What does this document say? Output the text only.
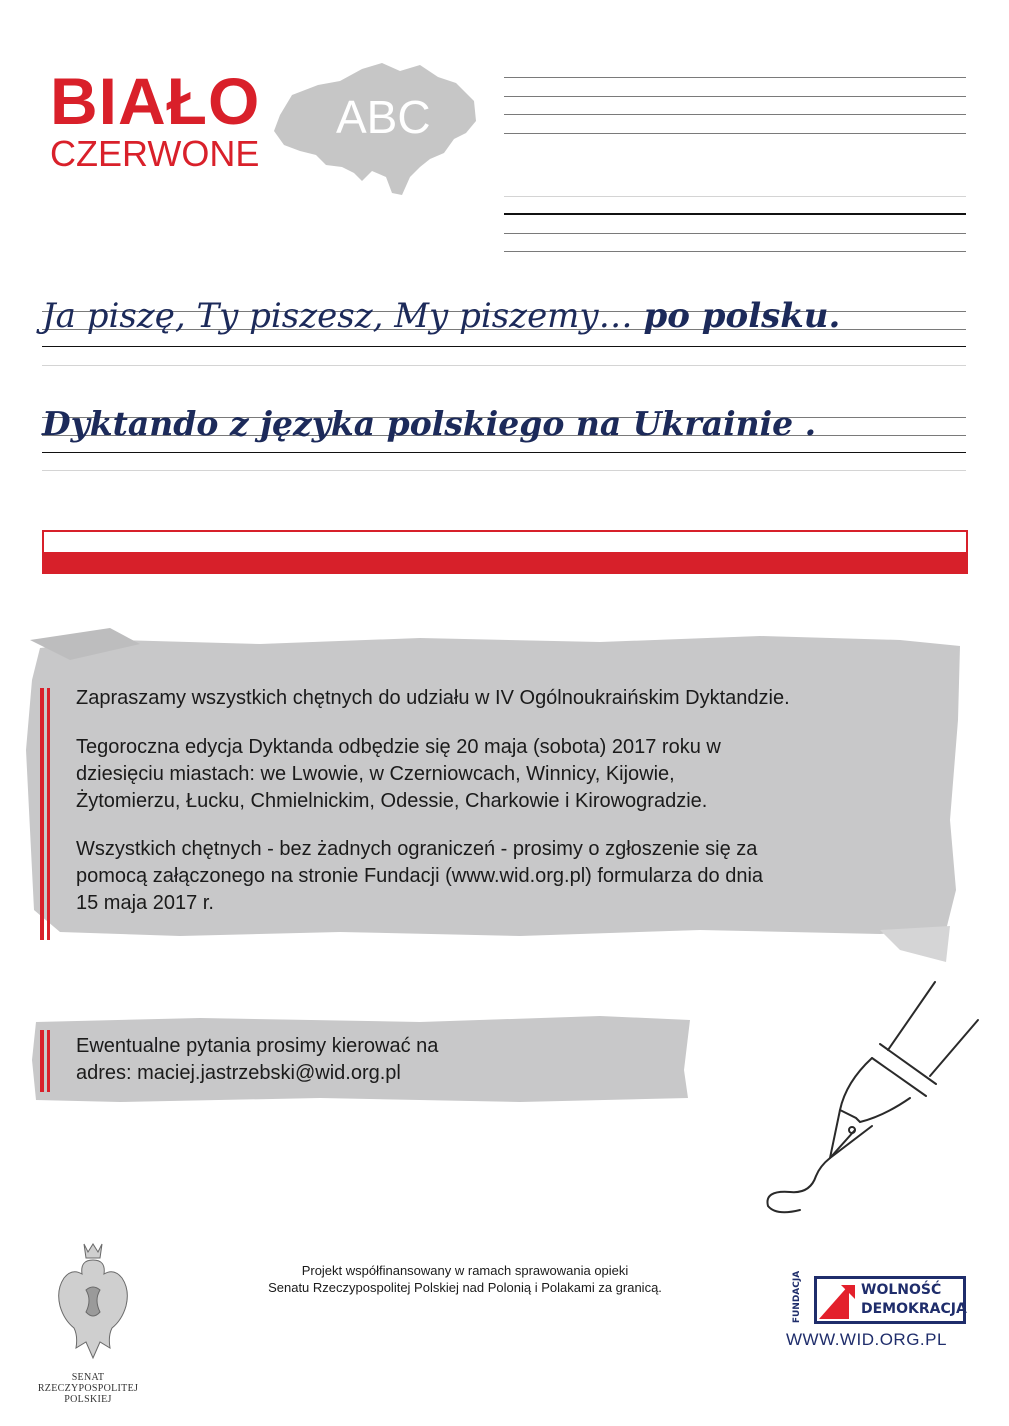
BIAŁO
CZERWONE
ABC
Ja piszę, Ty piszesz, My piszemy… po polsku.
Dyktando z języka polskiego na Ukrainie .
Zapraszamy wszystkich chętnych do udziału w IV Ogólnoukraińskim Dyktandzie.
Tegoroczna edycja Dyktanda odbędzie się 20 maja (sobota) 2017 roku w
dziesięciu miastach: we Lwowie, w Czerniowcach, Winnicy, Kijowie,
Żytomierzu, Łucku, Chmielnickim, Odessie, Charkowie i Kirowogradzie.
Wszystkich chętnych - bez żadnych ograniczeń - prosimy o zgłoszenie się za
pomocą załączonego na stronie Fundacji (www.wid.org.pl) formularza do dnia
15 maja 2017 r.
Ewentualne pytania prosimy kierować na
adres: maciej.jastrzebski@wid.org.pl
SENAT
RZECZYPOSPOLITEJ
POLSKIEJ
Projekt współfinansowany w ramach sprawowania opieki
Senatu Rzeczypospolitej Polskiej nad Polonią i Polakami za granicą.	FUNDACJA	WOLNOŚĆ
DEMOKRACJA
WWW.WID.ORG.PL
